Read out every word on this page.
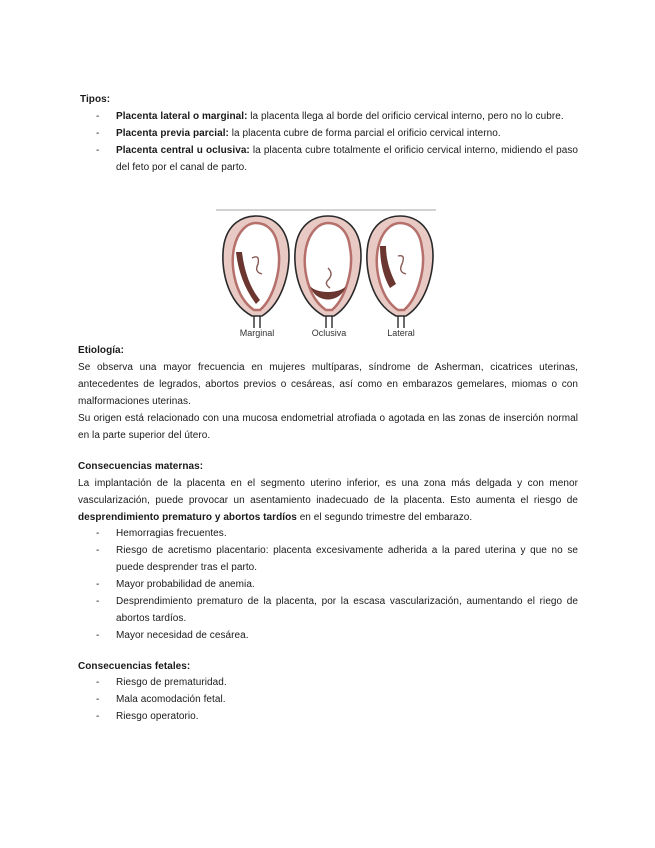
Tipos:
- Placenta lateral o marginal: la placenta llega al borde del orificio cervical interno, pero no lo cubre.
- Placenta previa parcial: la placenta cubre de forma parcial el orificio cervical interno.
- Placenta central u oclusiva: la placenta cubre totalmente el orificio cervical interno, midiendo el paso del feto por el canal de parto.
Marginal	Oclusiva	Lateral
Etiología:
Se observa una mayor frecuencia en mujeres multíparas, síndrome de Asherman, cicatrices uterinas, antecedentes de legrados, abortos previos o cesáreas, así como en embarazos gemelares, miomas o con malformaciones uterinas.
Su origen está relacionado con una mucosa endometrial atrofiada o agotada en las zonas de inserción normal en la parte superior del útero.
Consecuencias maternas:
La implantación de la placenta en el segmento uterino inferior, es una zona más delgada y con menor vascularización, puede provocar un asentamiento inadecuado de la placenta. Esto aumenta el riesgo de desprendimiento prematuro y abortos tardíos en el segundo trimestre del embarazo.
- Hemorragias frecuentes.
- Riesgo de acretismo placentario: placenta excesivamente adherida a la pared uterina y que no se puede desprender tras el parto.
- Mayor probabilidad de anemia.
- Desprendimiento prematuro de la placenta, por la escasa vascularización, aumentando el riego de abortos tardíos.
- Mayor necesidad de cesárea.
Consecuencias fetales:
- Riesgo de prematuridad.
- Mala acomodación fetal.
- Riesgo operatorio.
